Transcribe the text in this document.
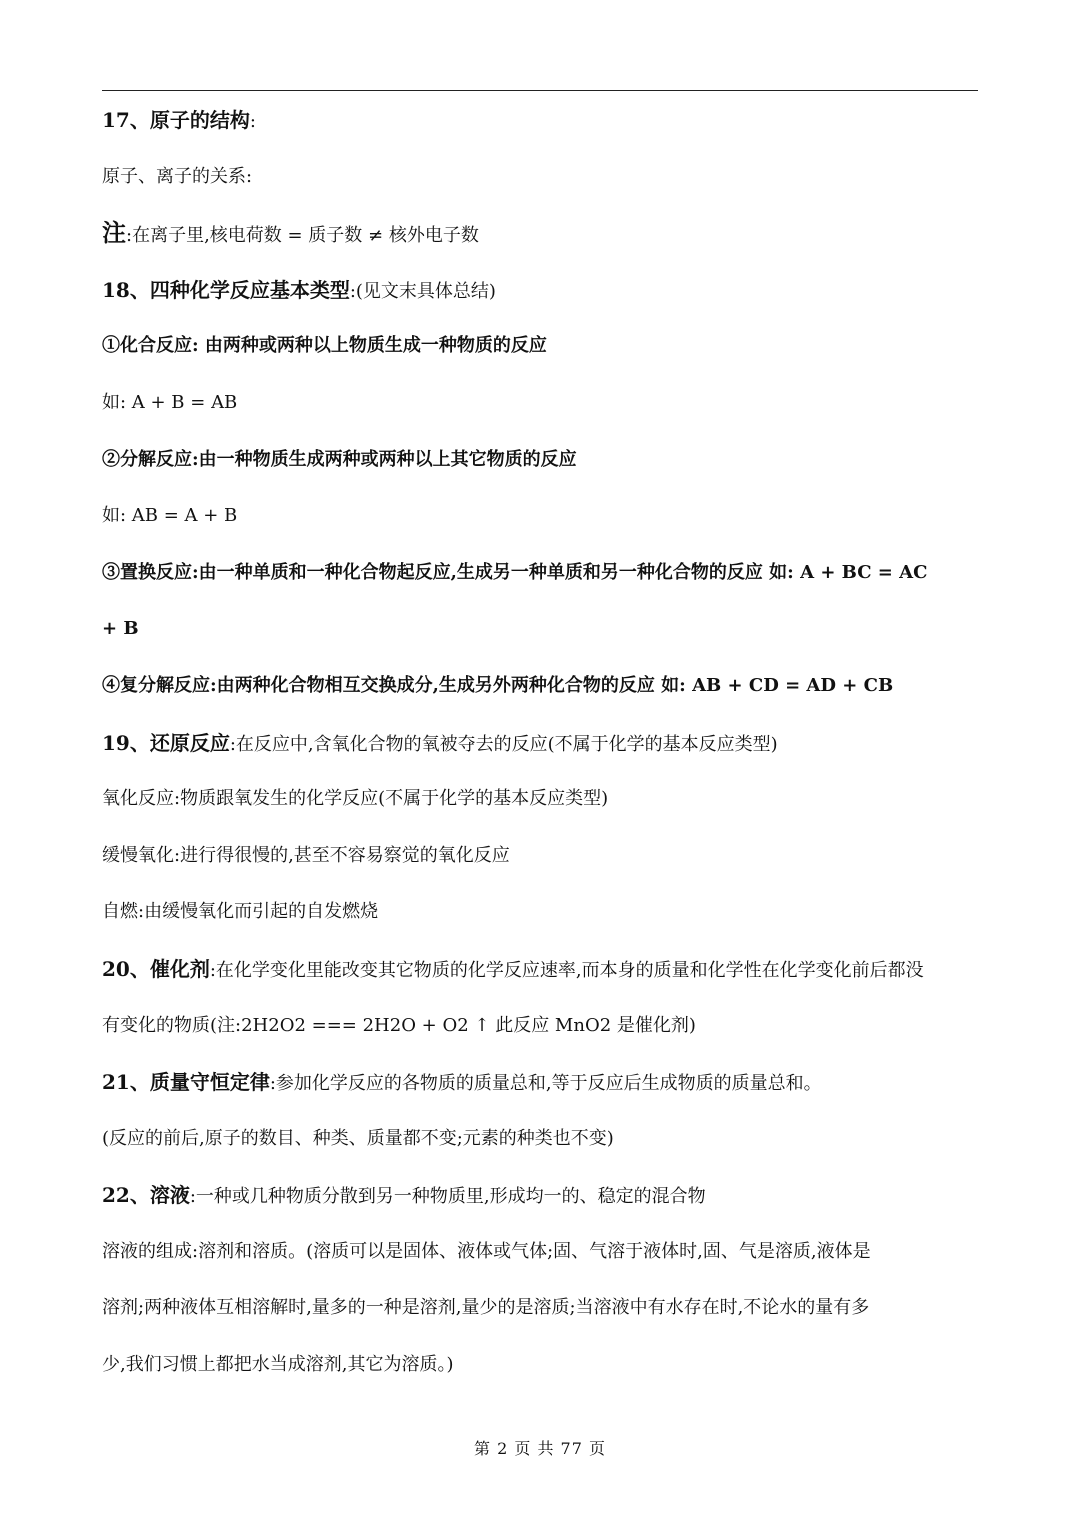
17、原子的结构:
原子、离子的关系:
注:在离子里,核电荷数 = 质子数 ≠ 核外电子数
18、四种化学反应基本类型:(见文末具体总结)
①化合反应: 由两种或两种以上物质生成一种物质的反应
如: A + B = AB
②分解反应:由一种物质生成两种或两种以上其它物质的反应
如: AB = A + B
③置换反应:由一种单质和一种化合物起反应,生成另一种单质和另一种化合物的反应 如: A + BC = AC
+ B
④复分解反应:由两种化合物相互交换成分,生成另外两种化合物的反应 如: AB + CD = AD + CB
19、还原反应:在反应中,含氧化合物的氧被夺去的反应(不属于化学的基本反应类型)
氧化反应:物质跟氧发生的化学反应(不属于化学的基本反应类型)
缓慢氧化:进行得很慢的,甚至不容易察觉的氧化反应
自燃:由缓慢氧化而引起的自发燃烧
20、催化剂:在化学变化里能改变其它物质的化学反应速率,而本身的质量和化学性在化学变化前后都没
有变化的物质(注:2H2O2 === 2H2O + O2 ↑ 此反应 MnO2 是催化剂)
21、质量守恒定律:参加化学反应的各物质的质量总和,等于反应后生成物质的质量总和。
(反应的前后,原子的数目、种类、质量都不变;元素的种类也不变)
22、溶液:一种或几种物质分散到另一种物质里,形成均一的、稳定的混合物
溶液的组成:溶剂和溶质。(溶质可以是固体、液体或气体;固、气溶于液体时,固、气是溶质,液体是
溶剂;两种液体互相溶解时,量多的一种是溶剂,量少的是溶质;当溶液中有水存在时,不论水的量有多
少,我们习惯上都把水当成溶剂,其它为溶质。)
第 2 页 共 77 页
